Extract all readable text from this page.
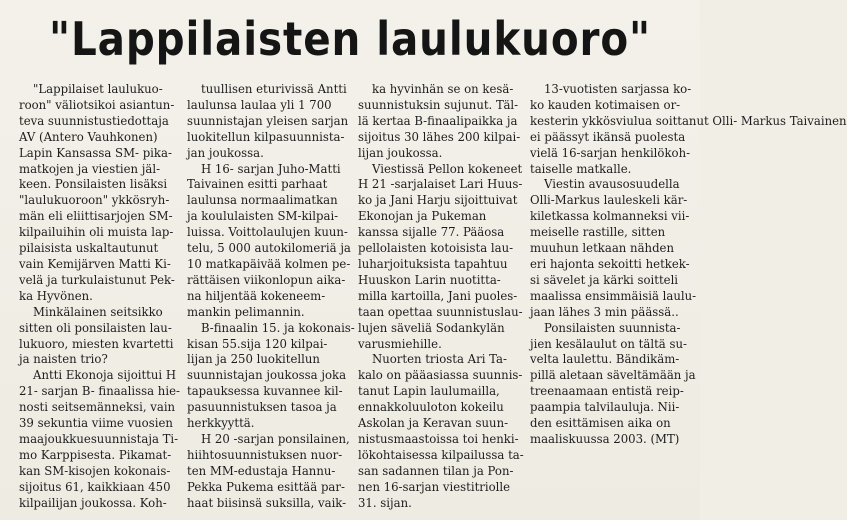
"Lappilaisten laulukuoro"

"Lappilaiset laulukuo-
roon" väliotsikoi asiantun-
teva suunnistustiedottaja
AV (Antero Vauhkonen)
Lapin Kansassa SM- pika-
matkojen ja viestien jäl-
keen. Ponsilaisten lisäksi
"laulukuoroon" ykkösryh-
män eli eliittisarjojen SM-
kilpailuihin oli muista lap-
pilaisista uskaltautunut
vain Kemijärven Matti Ki-
velä ja turkulaistunut Pek-
ka Hyvönen.

Minkälainen seitsikko
sitten oli ponsilaisten lau-
lukuoro, miesten kvartetti
ja naisten trio?

Antti Ekonoja sijoittui H
21- sarjan B- finaalissa hie-
nosti seitsemänneksi, vain
39 sekuntia viime vuosien
maajoukkuesuunnistaja Ti-
mo Karppisesta. Pikamat-
kan SM-kisojen kokonais-
sijoitus 61, kaikkiaan 450
kilpailijan joukossa. Koh-

tuullisen eturivissä Antti
laulunsa laulaa yli 1 700
suunnistajan yleisen sarjan
luokitellun kilpasuunnista-
jan joukossa.

H 16- sarjan Juho-Matti
Taivainen esitti parhaat
laulunsa normaalimatkan
ja koululaisten SM-kilpai-
luissa. Voittolaulujen kuun-
telu, 5 000 autokilomeriä ja
10 matkapäivää kolmen pe-
rättäisen viikonlopun aika-
na hiljentää kokeneem-
mankin pelimannin.

B-finaalin 15. ja kokonais-
kisan 55.sija 120 kilpai-
lijan ja 250 luokitellun
suunnistajan joukossa joka
tapauksessa kuvannee kil-
pasuunnistuksen tasoa ja
herkkyyttä.

H 20 -sarjan ponsilainen,
hiihtosuunnistuksen nuor-
ten MM-edustaja Hannu-
Pekka Pukema esittää par-
haat biisinsä suksilla, vaik-

ka hyvinhän se on kesä-
suunnistuksin sujunut. Täl-
lä kertaa B-finaalipaikka ja
sijoitus 30 lähes 200 kilpai-
lijan joukossa.

Viestissä Pellon kokeneet
H 21 -sarjalaiset Lari Huus-
ko ja Jani Harju sijoittuivat
Ekonojan ja Pukeman
kanssa sijalle 77. Pääosa
pellolaisten kotoisista lau-
luharjoituksista tapahtuu
Huuskon Larin nuotitta-
milla kartoilla, Jani puoles-
taan opettaa suunnistuslau-
lujen säveliä Sodankylän
varusmiehille.

Nuorten triosta Ari Ta-
kalo on pääasiassa suunnis-
tanut Lapin laulumailla,
ennakkoluuloton kokeilu
Askolan ja Keravan suun-
nistusmaastoissa toi henki-
lökohtaisessa kilpailussa ta-
san sadannen tilan ja Pon-
nen 16-sarjan viestitriolle
31. sijan.

13-vuotisten sarjassa ko-
ko kauden kotimaisen or-
kesterin ykkösviulua soittanut Olli- Markus Taivainen
ei päässyt ikänsä puolesta
vielä 16-sarjan henkilökoh-
taiselle matkalle.

Viestin avausosuudella
Olli-Markus lauleskeli kär-
kiletkassa kolmanneksi vii-
meiselle rastille, sitten
muuhun letkaan nähden
eri hajonta sekoitti hetkek-
si sävelet ja kärki soitteli
maalissa ensimmäisiä laulu-
jaan lähes 3 min päässä..

Ponsilaisten suunnista-
jien kesälaulut on tältä su-
velta laulettu. Bändikäm-
pillä aletaan säveltämään ja
treenaamaan entistä reip-
paampia talvilauluja. Nii-
den esittämisen aika on
maaliskuussa 2003. (MT)
